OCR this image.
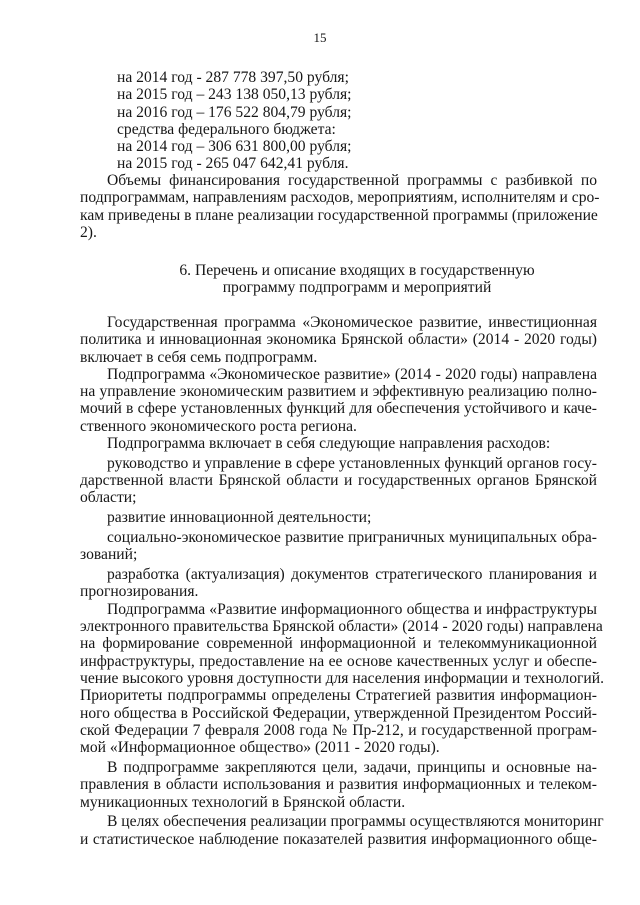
15
на 2014 год - 287 778 397,50 рубля;
на 2015 год – 243 138 050,13 рубля;
на 2016 год – 176 522 804,79 рубля;
средства федерального бюджета:
на 2014 год – 306 631 800,00 рубля;
на 2015 год - 265 047 642,41 рубля.
Объемы финансирования государственной программы с разбивкой по
подпрограммам, направлениям расходов, мероприятиям, исполнителям и сро-
кам приведены в плане реализации государственной программы (приложение
2).
6. Перечень и описание входящих в государственную
программу подпрограмм и мероприятий
Государственная программа «Экономическое развитие, инвестиционная
политика и инновационная экономика Брянской области» (2014 - 2020 годы)
включает в себя семь подпрограмм.
Подпрограмма «Экономическое развитие» (2014 - 2020 годы) направлена
на управление экономическим развитием и эффективную реализацию полно-
мочий в сфере установленных функций для обеспечения устойчивого и каче-
ственного экономического роста региона.
Подпрограмма включает в себя следующие направления расходов:
руководство и управление в сфере установленных функций органов госу-
дарственной власти Брянской области и государственных органов Брянской
области;
развитие инновационной деятельности;
социально-экономическое развитие приграничных муниципальных обра-
зований;
разработка (актуализация) документов стратегического планирования и
прогнозирования.
Подпрограмма «Развитие информационного общества и инфраструктуры
электронного правительства Брянской области» (2014 - 2020 годы) направлена
на формирование современной информационной и телекоммуникационной
инфраструктуры, предоставление на ее основе качественных услуг и обеспе-
чение высокого уровня доступности для населения информации и технологий.
Приоритеты подпрограммы определены Стратегией развития информацион-
ного общества в Российской Федерации, утвержденной Президентом Россий-
ской Федерации 7 февраля 2008 года № Пр-212, и государственной програм-
мой «Информационное общество» (2011 - 2020 годы).
В подпрограмме закрепляются цели, задачи, принципы и основные на-
правления в области использования и развития информационных и телеком-
муникационных технологий в Брянской области.
В целях обеспечения реализации программы осуществляются мониторинг
и статистическое наблюдение показателей развития информационного обще-
